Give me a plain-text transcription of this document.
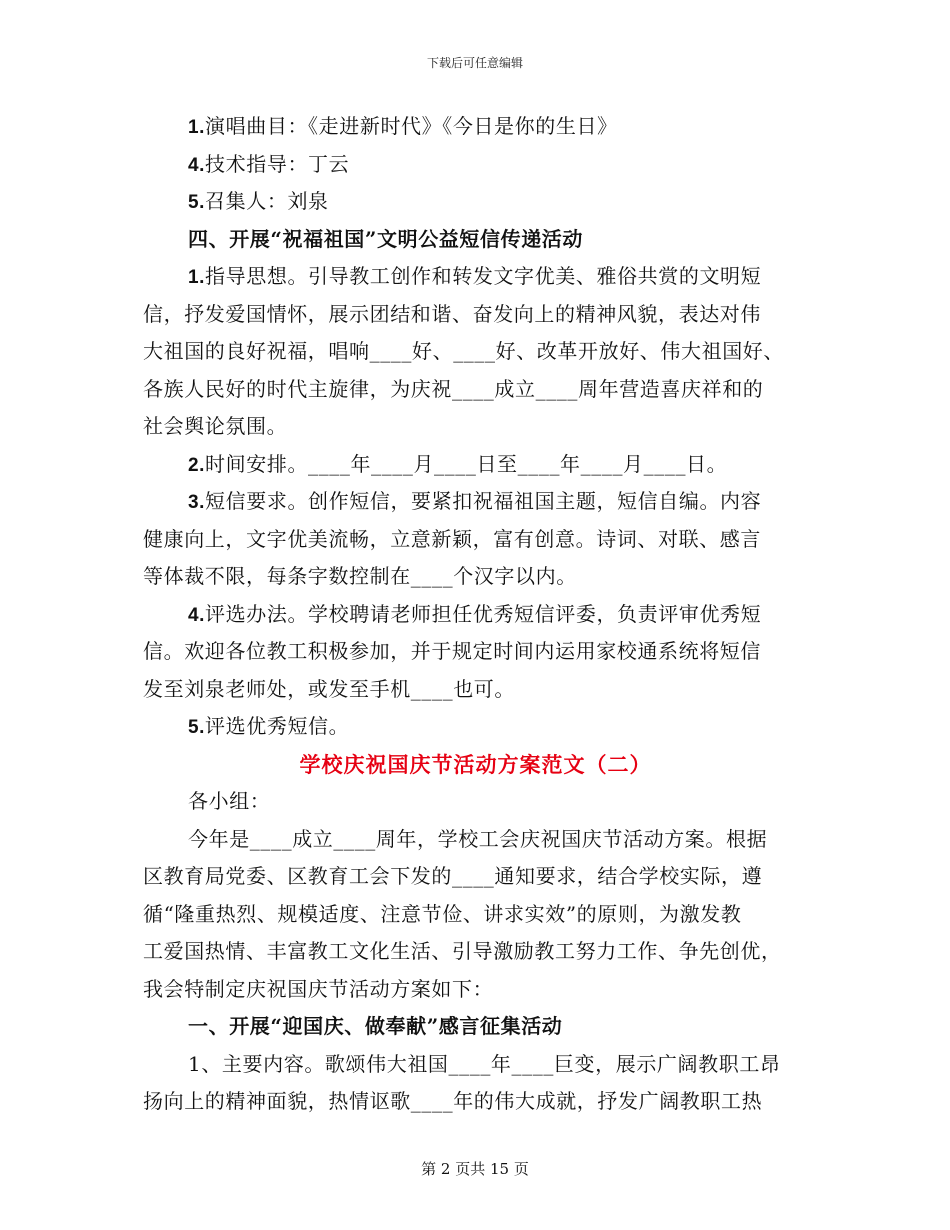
下载后可任意编辑
1.演唱曲目：《走进新时代》《今日是你的生日》
4.技术指导：丁云
5.召集人：刘泉
四、开展“祝福祖国”文明公益短信传递活动
1.指导思想。引导教工创作和转发文字优美、雅俗共赏的文明短
信，抒发爱国情怀，展示团结和谐、奋发向上的精神风貌，表达对伟
大祖国的良好祝福，唱响____好、____好、改革开放好、伟大祖国好、
各族人民好的时代主旋律，为庆祝____成立____周年营造喜庆祥和的
社会舆论氛围。
2.时间安排。____年____月____日至____年____月____日。
3.短信要求。创作短信，要紧扣祝福祖国主题，短信自编。内容
健康向上，文字优美流畅，立意新颖，富有创意。诗词、对联、感言
等体裁不限，每条字数控制在____个汉字以内。
4.评选办法。学校聘请老师担任优秀短信评委，负责评审优秀短
信。欢迎各位教工积极参加，并于规定时间内运用家校通系统将短信
发至刘泉老师处，或发至手机____也可。
5.评选优秀短信。
学校庆祝国庆节活动方案范文（二）
各小组：
今年是____成立____周年，学校工会庆祝国庆节活动方案。根据
区教育局党委、区教育工会下发的____通知要求，结合学校实际，遵
循“隆重热烈、规模适度、注意节俭、讲求实效”的原则，为激发教
工爱国热情、丰富教工文化生活、引导激励教工努力工作、争先创优，
我会特制定庆祝国庆节活动方案如下：
一、开展“迎国庆、做奉献”感言征集活动
1、主要内容。歌颂伟大祖国____年____巨变，展示广阔教职工昂
扬向上的精神面貌，热情讴歌____年的伟大成就，抒发广阔教职工热
第 2 页共 15 页
